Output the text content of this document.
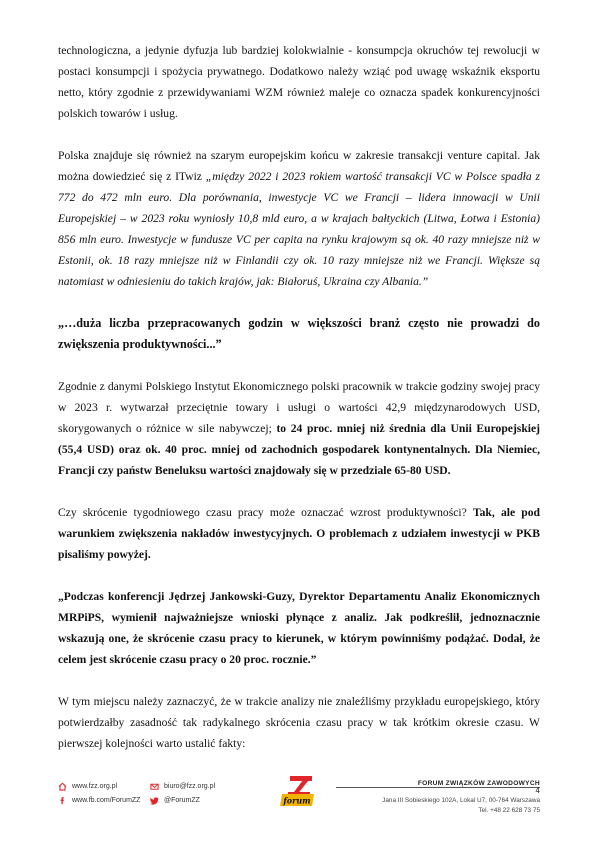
technologiczna, a jedynie dyfuzja lub bardziej kolokwialnie - konsumpcja okruchów tej rewolucji w postaci konsumpcji i spożycia prywatnego. Dodatkowo należy wziąć pod uwagę wskaźnik eksportu netto, który zgodnie z przewidywaniami WZM również maleje co oznacza spadek konkurencyjności polskich towarów i usług.

Polska znajduje się również na szarym europejskim końcu w zakresie transakcji venture capital. Jak można dowiedzieć się z ITwiz „między 2022 i 2023 rokiem wartość transakcji VC w Polsce spadła z 772 do 472 mln euro. Dla porównania, inwestycje VC we Francji – lidera innowacji w Unii Europejskiej – w 2023 roku wyniosły 10,8 mld euro, a w krajach bałtyckich (Litwa, Łotwa i Estonia) 856 mln euro. Inwestycje w fundusze VC per capita na rynku krajowym są ok. 40 razy mniejsze niż w Estonii, ok. 18 razy mniejsze niż w Finlandii czy ok. 10 razy mniejsze niż we Francji. Większe są natomiast w odniesieniu do takich krajów, jak: Białoruś, Ukraina czy Albania.”

„…duża liczba przepracowanych godzin w większości branż często nie prowadzi do zwiększenia produktywności...”

Zgodnie z danymi Polskiego Instytut Ekonomicznego polski pracownik w trakcie godziny swojej pracy w 2023 r. wytwarzał przeciętnie towary i usługi o wartości 42,9 międzynarodowych USD, skorygowanych o różnice w sile nabywczej; to 24 proc. mniej niż średnia dla Unii Europejskiej (55,4 USD) oraz ok. 40 proc. mniej od zachodnich gospodarek kontynentalnych. Dla Niemiec, Francji czy państw Beneluksu wartości znajdowały się w przedziale 65-80 USD.

Czy skrócenie tygodniowego czasu pracy może oznaczać wzrost produktywności? Tak, ale pod warunkiem zwiększenia nakładów inwestycyjnych. O problemach z udziałem inwestycji w PKB pisaliśmy powyżej.

„Podczas konferencji Jędrzej Jankowski-Guzy, Dyrektor Departamentu Analiz Ekonomicznych MRPiPS, wymienił najważniejsze wnioski płynące z analiz. Jak podkreślił, jednoznacznie wskazują one, że skrócenie czasu pracy to kierunek, w którym powinniśmy podążać. Dodał, że celem jest skrócenie czasu pracy o 20 proc. rocznie.”

W tym miejscu należy zaznaczyć, że w trakcie analizy nie znaleźliśmy przykładu europejskiego, który potwierdzałby zasadność tak radykalnego skrócenia czasu pracy w tak krótkim okresie czasu. W pierwszej kolejności warto ustalić fakty:

www.fzz.org.pl	biuro@fzz.org.pl
www.fb.com/ForumZZ	@ForumZZ	forum
FORUM ZWIĄZKÓW ZAWODOWYCH
4
Jana III Sobieskiego 102A, Lokal U7, 00-764 Warszawa
Tel. +48 22 628 73 75
